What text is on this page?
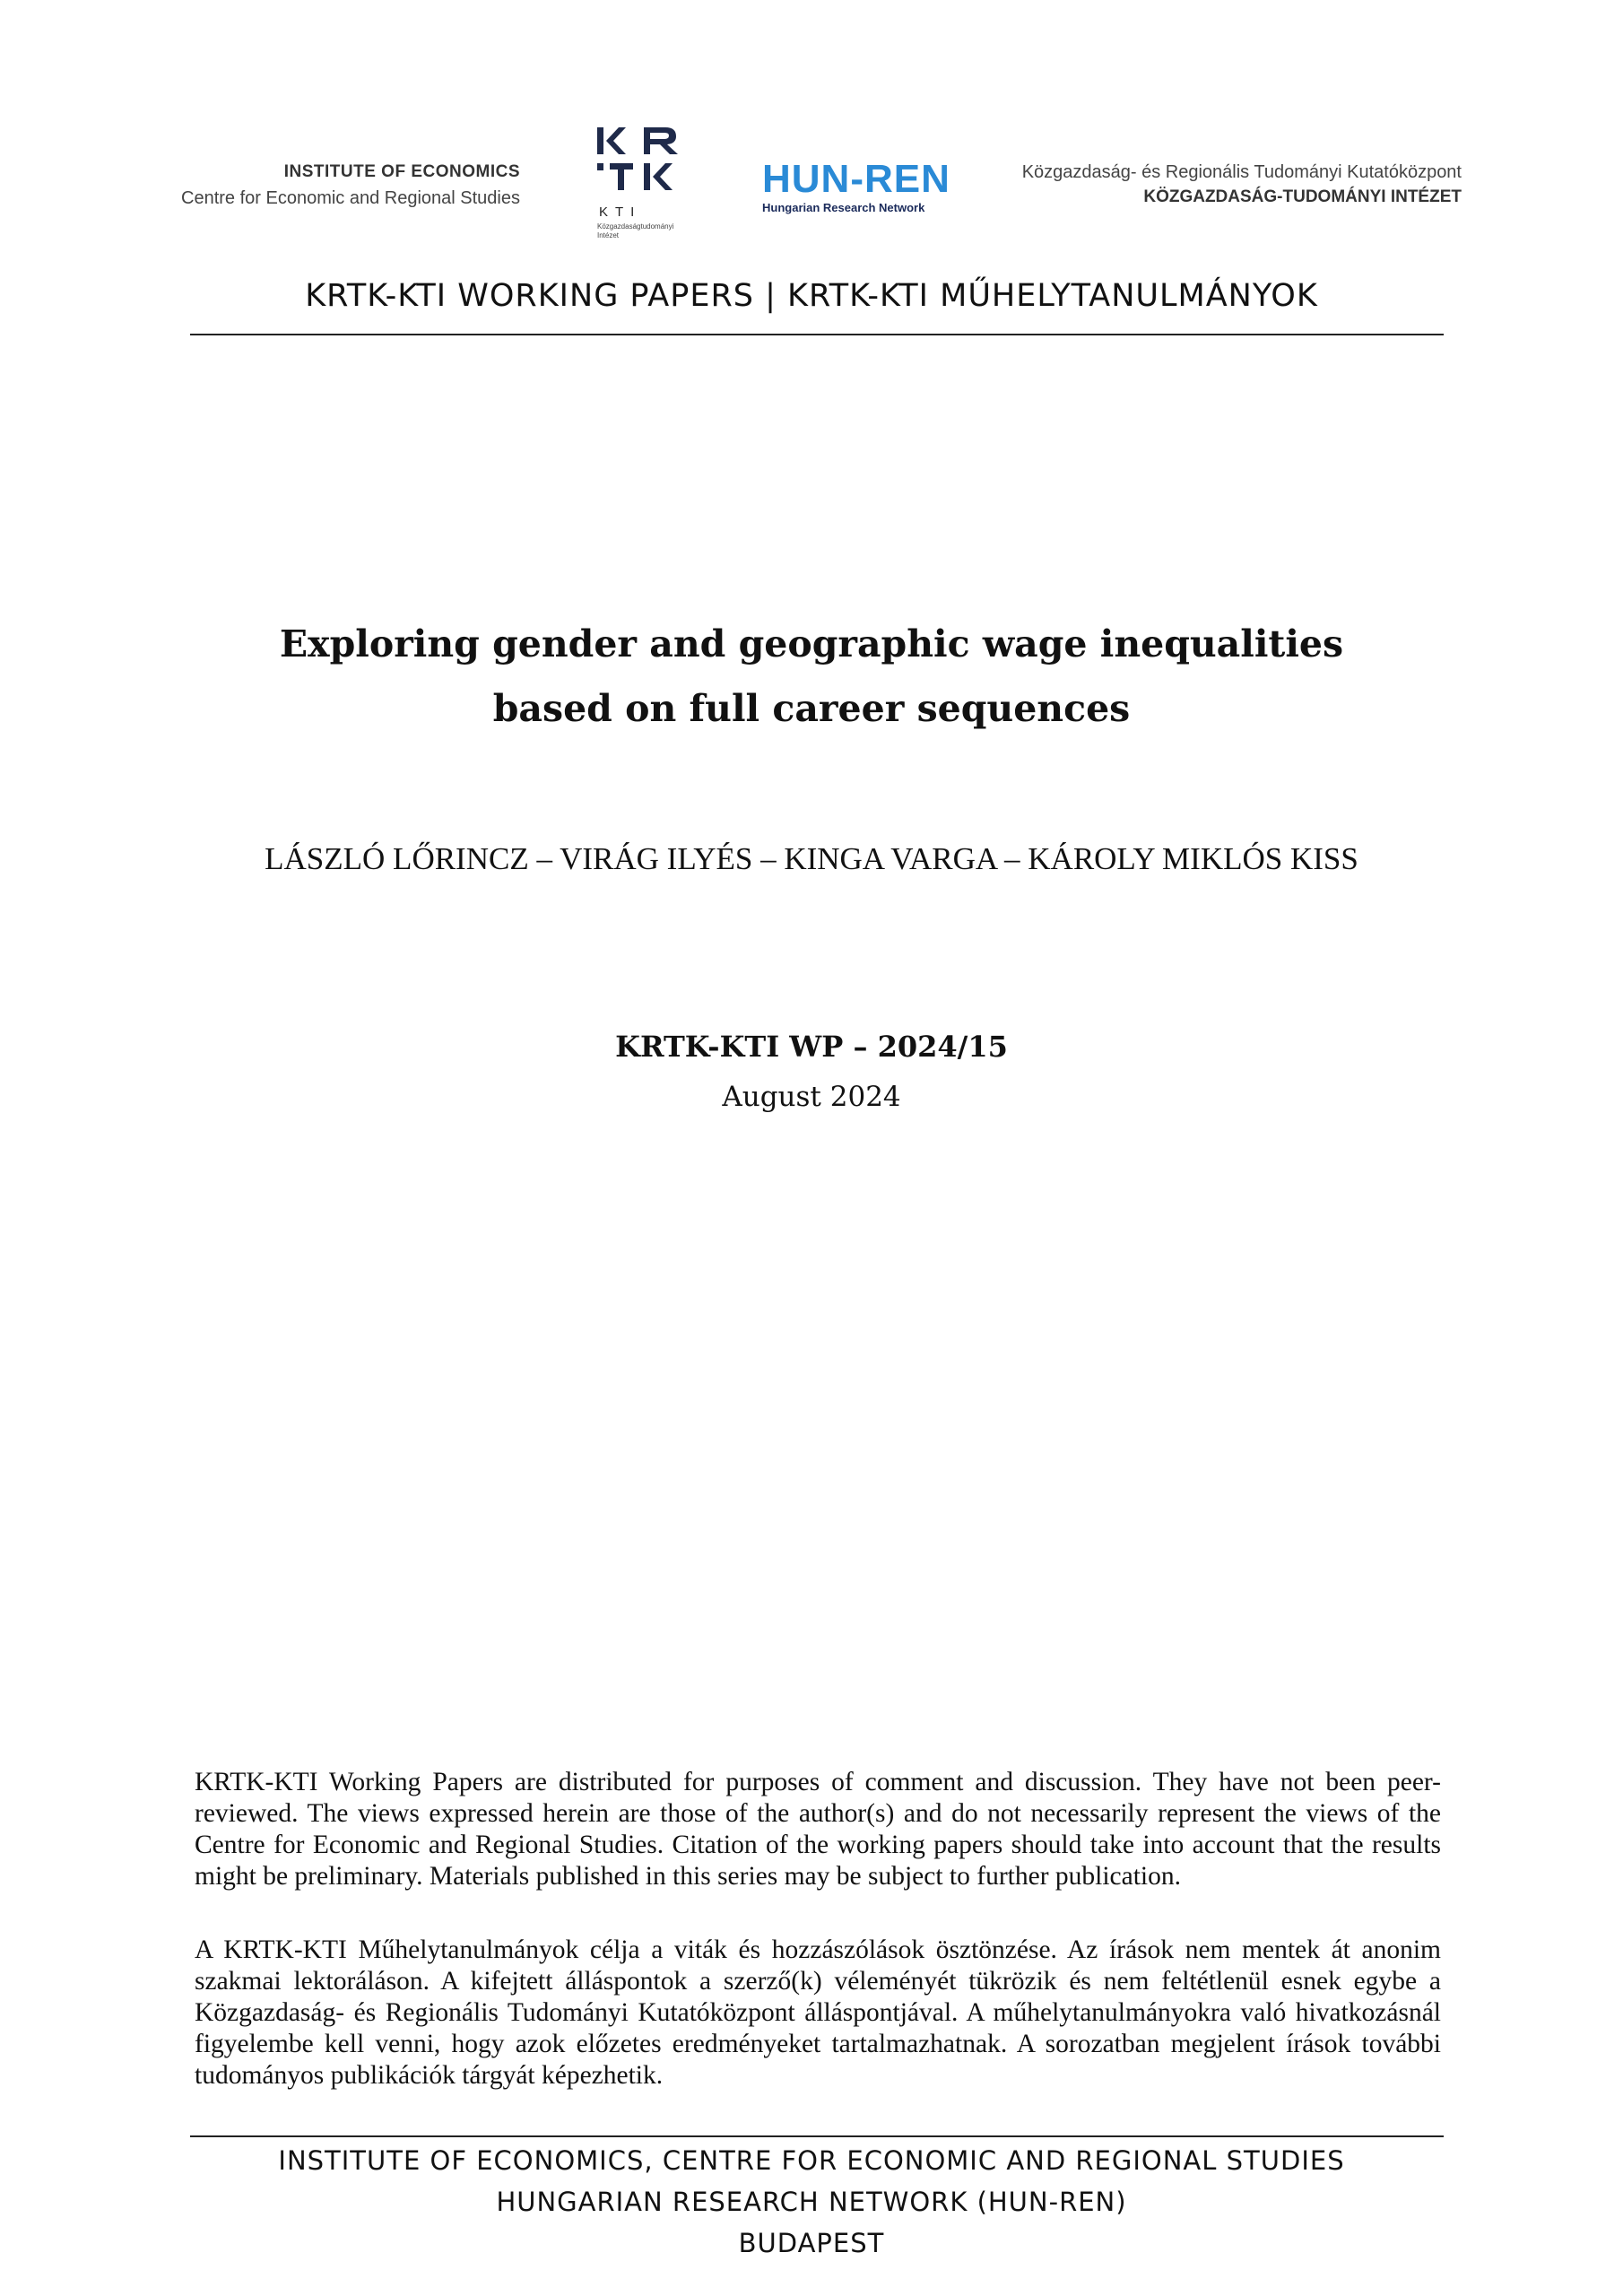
INSTITUTE OF ECONOMICS
Centre for Economic and Regional Studies
KTI
Közgazdaságtudományi Intézet
HUN-REN
Hungarian Research Network
Közgazdaság- és Regionális Tudományi Kutatóközpont
KÖZGAZDASÁG-TUDOMÁNYI INTÉZET
KRTK-KTI WORKING PAPERS | KRTK-KTI MŰHELYTANULMÁNYOK
Exploring gender and geographic wage inequalities
based on full career sequences
LÁSZLÓ LŐRINCZ – VIRÁG ILYÉS – KINGA VARGA – KÁROLY MIKLÓS KISS
KRTK-KTI WP – 2024/15
August 2024
KRTK-KTI Working Papers are distributed for purposes of comment and discussion. They have not been peer-reviewed. The views expressed herein are those of the author(s) and do not necessarily represent the views of the Centre for Economic and Regional Studies. Citation of the working papers should take into account that the results might be preliminary. Materials published in this series may be subject to further publication.
A KRTK-KTI Műhelytanulmányok célja a viták és hozzászólások ösztönzése. Az írások nem mentek át anonim szakmai lektoráláson. A kifejtett álláspontok a szerző(k) véleményét tükrözik és nem feltétlenül esnek egybe a Közgazdaság- és Regionális Tudományi Kutatóközpont álláspontjával. A műhelytanulmányokra való hivatkozásnál figyelembe kell venni, hogy azok előzetes eredményeket tartalmazhatnak. A sorozatban megjelent írások további tudományos publikációk tárgyát képezhetik.
INSTITUTE OF ECONOMICS, CENTRE FOR ECONOMIC AND REGIONAL STUDIES
HUNGARIAN RESEARCH NETWORK (HUN-REN)
BUDAPEST
